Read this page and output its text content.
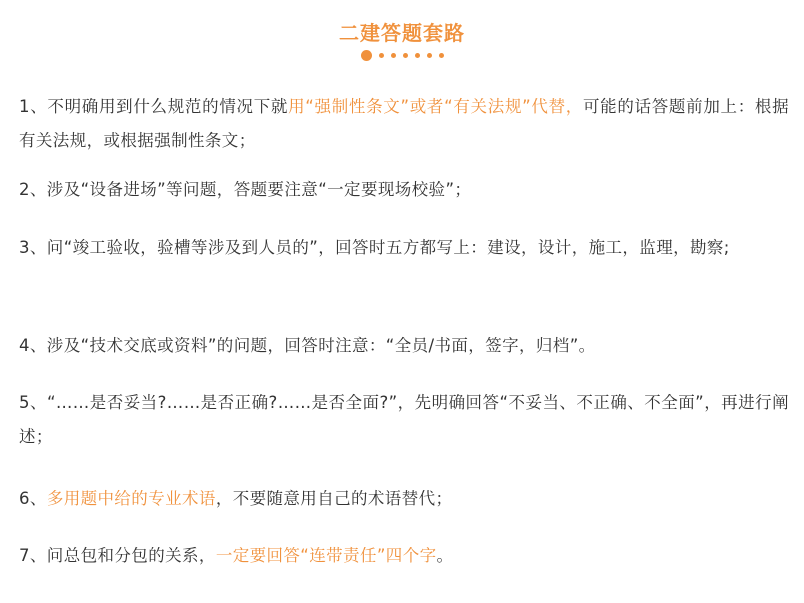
二建答题套路
1、不明确用到什么规范的情况下就用“强制性条文”或者“有关法规”代替，可能的话答题前加上：根据有关法规，或根据强制性条文；
2、涉及“设备进场”等问题，答题要注意“一定要现场校验”；
3、问“竣工验收，验槽等涉及到人员的”，回答时五方都写上：建设，设计，施工，监理，勘察;
4、涉及“技术交底或资料”的问题，回答时注意：“全员/书面，签字，归档”。
5、“……是否妥当?……是否正确?……是否全面?”，先明确回答“不妥当、不正确、不全面”，再进行阐述；
6、多用题中给的专业术语，不要随意用自己的术语替代；
7、问总包和分包的关系，一定要回答“连带责任”四个字。
